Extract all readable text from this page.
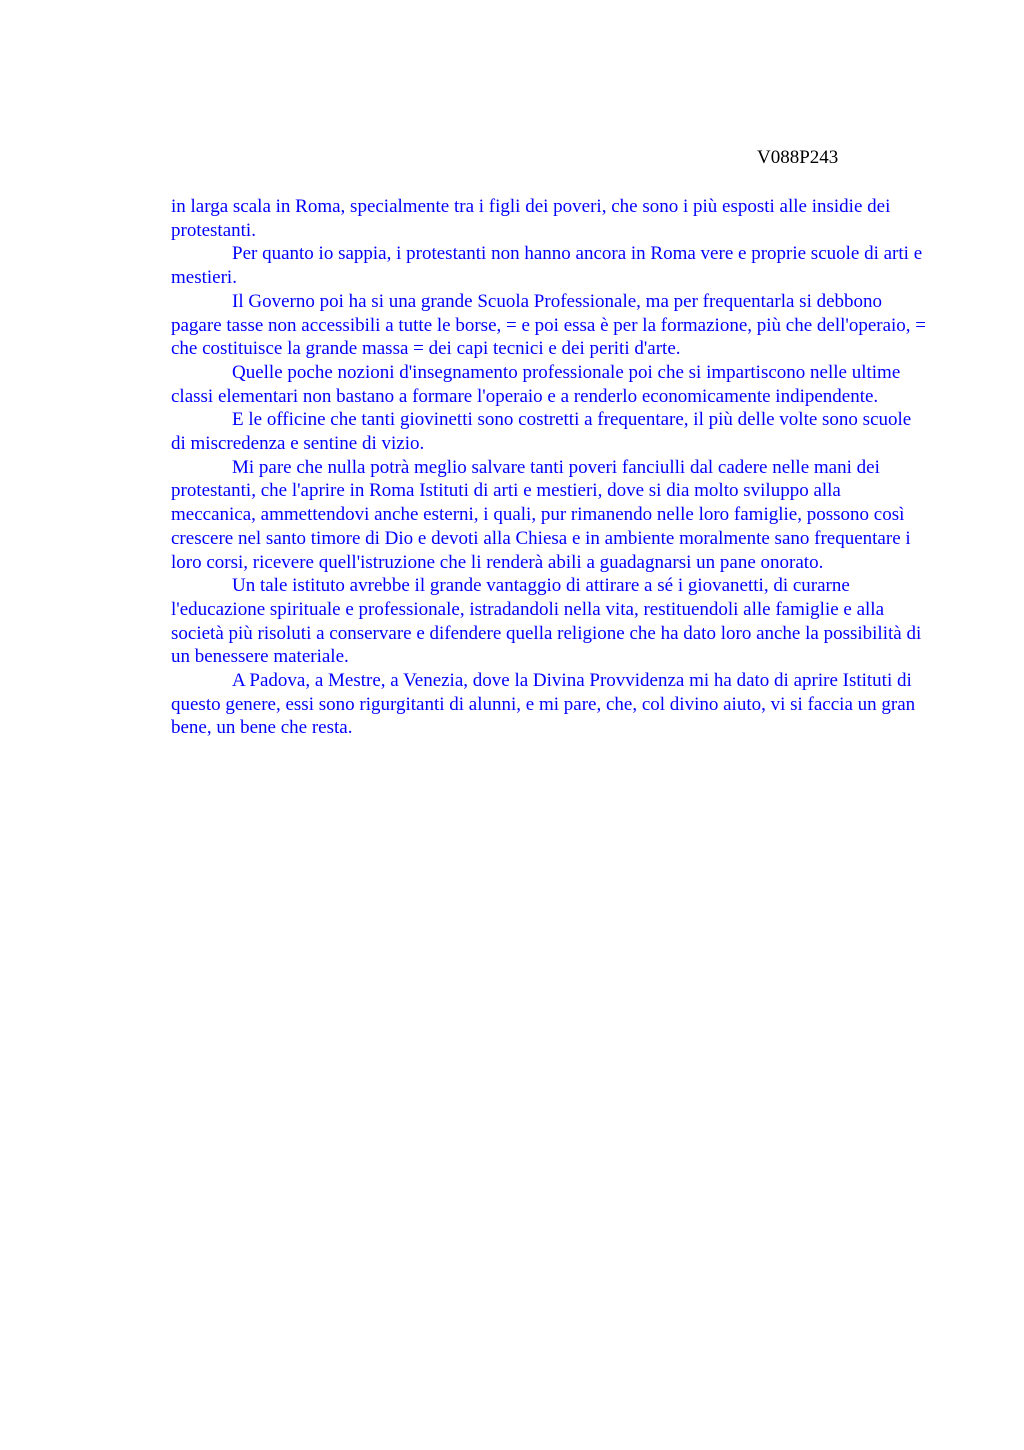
V088P243

in larga scala in Roma, specialmente tra i figli dei poveri, che sono i più esposti alle insidie dei protestanti.

Per quanto io sappia, i protestanti non hanno ancora in Roma vere e proprie scuole di arti e mestieri.

Il Governo poi ha si una grande Scuola Professionale, ma per frequentarla si debbono pagare tasse non accessibili a tutte le borse, = e poi essa è per la formazione, più che dell'operaio, = che costituisce la grande massa = dei capi tecnici e dei periti d'arte.

Quelle poche nozioni d'insegnamento professionale poi che si impartiscono nelle ultime classi elementari non bastano a formare l'operaio e a renderlo economicamente indipendente.

E le officine che tanti giovinetti sono costretti a frequentare, il più delle volte sono scuole di miscredenza e sentine di vizio.

Mi pare che nulla potrà meglio salvare tanti poveri fanciulli dal cadere nelle mani dei protestanti, che l'aprire in Roma Istituti di arti e mestieri, dove si dia molto sviluppo alla meccanica, ammettendovi anche esterni, i quali, pur rimanendo nelle loro famiglie, possono così crescere nel santo timore di Dio e devoti alla Chiesa e in ambiente moralmente sano frequentare i loro corsi, ricevere quell'istruzione che li renderà abili a guadagnarsi un pane onorato.

Un tale istituto avrebbe il grande vantaggio di attirare a sé i giovanetti, di curarne l'educazione spirituale e professionale, istradandoli nella vita, restituendoli alle famiglie e alla società più risoluti a conservare e difendere quella religione che ha dato loro anche la possibilità di un benessere materiale.

A Padova, a Mestre, a Venezia, dove la Divina Provvidenza mi ha dato di aprire Istituti di questo genere, essi sono rigurgitanti di alunni, e mi pare, che, col divino aiuto, vi si faccia un gran bene, un bene che resta.
